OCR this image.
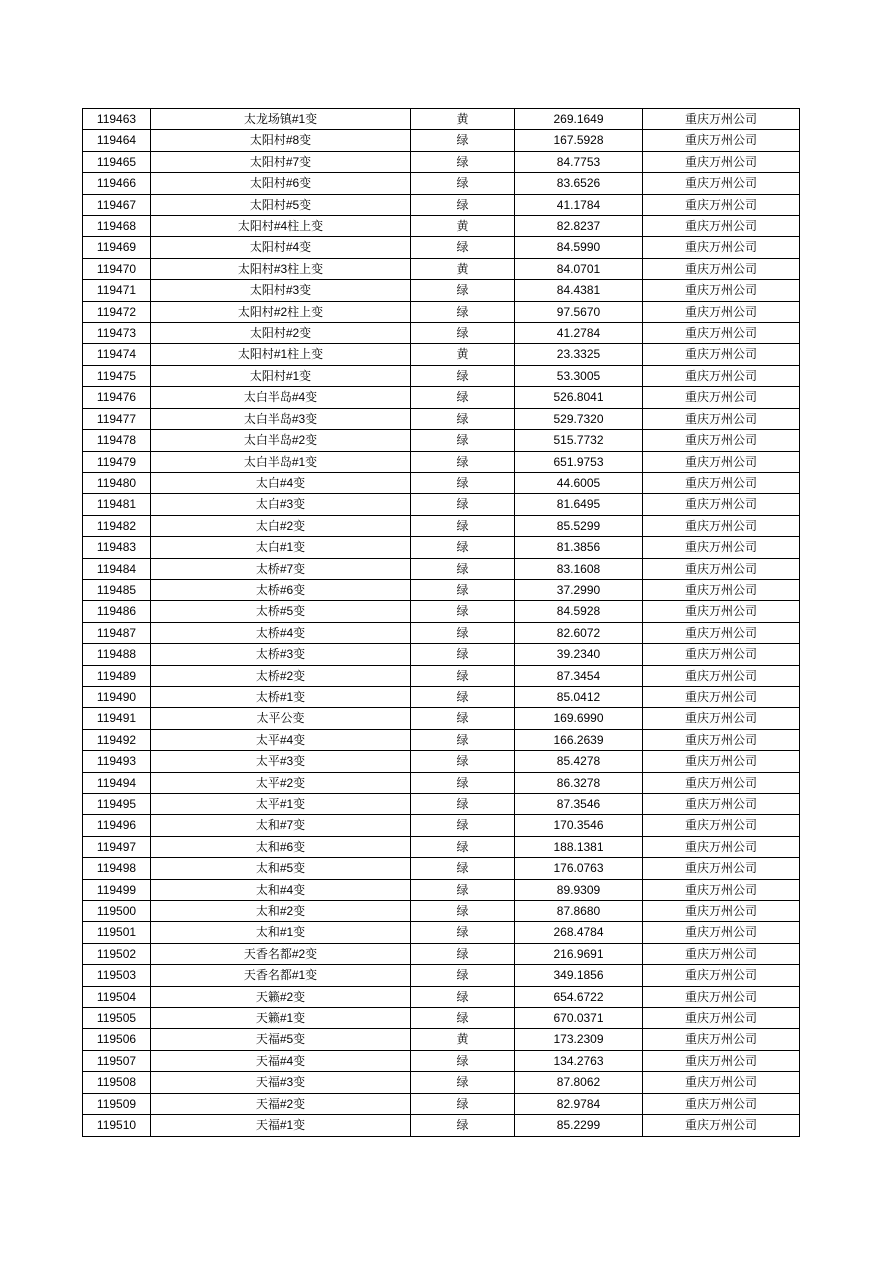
119463	太龙场镇#1变	黄	269.1649	重庆万州公司
119464	太阳村#8变	绿	167.5928	重庆万州公司
119465	太阳村#7变	绿	84.7753	重庆万州公司
119466	太阳村#6变	绿	83.6526	重庆万州公司
119467	太阳村#5变	绿	41.1784	重庆万州公司
119468	太阳村#4柱上变	黄	82.8237	重庆万州公司
119469	太阳村#4变	绿	84.5990	重庆万州公司
119470	太阳村#3柱上变	黄	84.0701	重庆万州公司
119471	太阳村#3变	绿	84.4381	重庆万州公司
119472	太阳村#2柱上变	绿	97.5670	重庆万州公司
119473	太阳村#2变	绿	41.2784	重庆万州公司
119474	太阳村#1柱上变	黄	23.3325	重庆万州公司
119475	太阳村#1变	绿	53.3005	重庆万州公司
119476	太白半岛#4变	绿	526.8041	重庆万州公司
119477	太白半岛#3变	绿	529.7320	重庆万州公司
119478	太白半岛#2变	绿	515.7732	重庆万州公司
119479	太白半岛#1变	绿	651.9753	重庆万州公司
119480	太白#4变	绿	44.6005	重庆万州公司
119481	太白#3变	绿	81.6495	重庆万州公司
119482	太白#2变	绿	85.5299	重庆万州公司
119483	太白#1变	绿	81.3856	重庆万州公司
119484	太桥#7变	绿	83.1608	重庆万州公司
119485	太桥#6变	绿	37.2990	重庆万州公司
119486	太桥#5变	绿	84.5928	重庆万州公司
119487	太桥#4变	绿	82.6072	重庆万州公司
119488	太桥#3变	绿	39.2340	重庆万州公司
119489	太桥#2变	绿	87.3454	重庆万州公司
119490	太桥#1变	绿	85.0412	重庆万州公司
119491	太平公变	绿	169.6990	重庆万州公司
119492	太平#4变	绿	166.2639	重庆万州公司
119493	太平#3变	绿	85.4278	重庆万州公司
119494	太平#2变	绿	86.3278	重庆万州公司
119495	太平#1变	绿	87.3546	重庆万州公司
119496	太和#7变	绿	170.3546	重庆万州公司
119497	太和#6变	绿	188.1381	重庆万州公司
119498	太和#5变	绿	176.0763	重庆万州公司
119499	太和#4变	绿	89.9309	重庆万州公司
119500	太和#2变	绿	87.8680	重庆万州公司
119501	太和#1变	绿	268.4784	重庆万州公司
119502	天香名都#2变	绿	216.9691	重庆万州公司
119503	天香名都#1变	绿	349.1856	重庆万州公司
119504	天籁#2变	绿	654.6722	重庆万州公司
119505	天籁#1变	绿	670.0371	重庆万州公司
119506	天福#5变	黄	173.2309	重庆万州公司
119507	天福#4变	绿	134.2763	重庆万州公司
119508	天福#3变	绿	87.8062	重庆万州公司
119509	天福#2变	绿	82.9784	重庆万州公司
119510	天福#1变	绿	85.2299	重庆万州公司
